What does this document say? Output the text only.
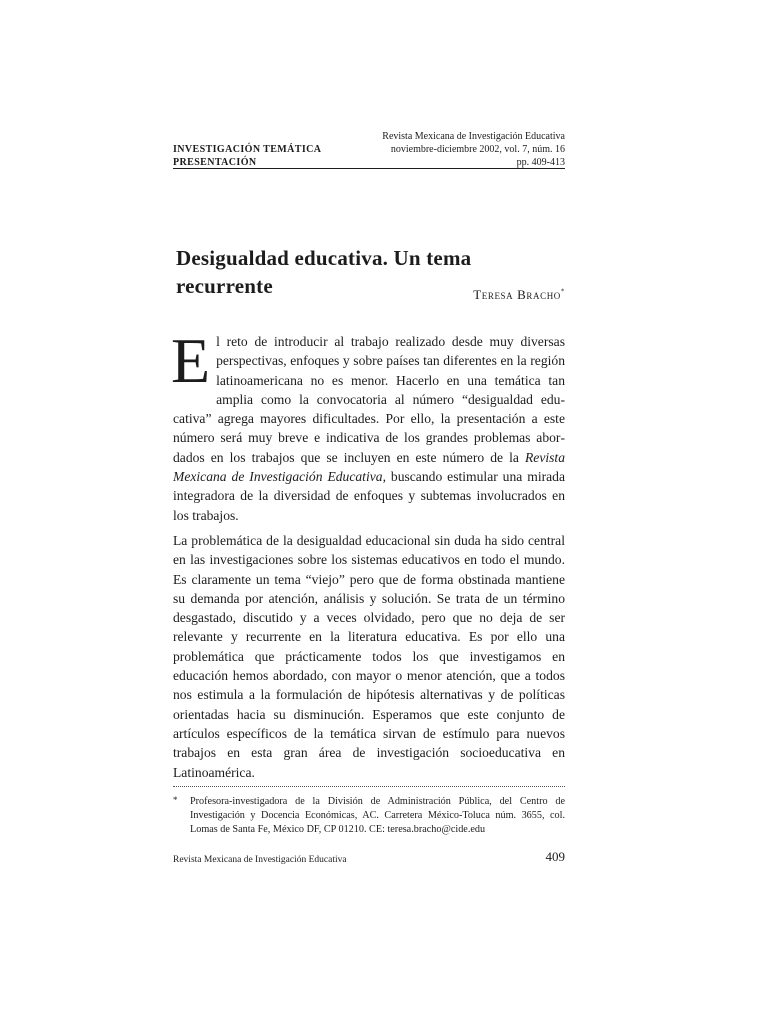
INVESTIGACIÓN TEMÁTICA
PRESENTACIÓN
Revista Mexicana de Investigación Educativa
noviembre-diciembre 2002, vol. 7, núm. 16
pp. 409-413
Desigualdad educativa. Un tema recurrente	Teresa Bracho*
El reto de introducir al trabajo realizado desde muy diversas perspectivas, enfoques y sobre países tan diferentes en la región latinoamericana no es menor. Hacerlo en una temática tan amplia como la convocatoria al número “desigualdad educativa” agrega mayores dificultades. Por ello, la presentación a este número será muy breve e indicativa de los grandes problemas abordados en los trabajos que se incluyen en este número de la Revista Mexicana de Investigación Educativa, buscando estimular una mirada integradora de la diversidad de enfoques y subtemas involucrados en los trabajos.
La problemática de la desigualdad educacional sin duda ha sido central en las investigaciones sobre los sistemas educativos en todo el mundo. Es claramente un tema “viejo” pero que de forma obstinada mantiene su demanda por atención, análisis y solución. Se trata de un término desgastado, discutido y a veces olvidado, pero que no deja de ser relevante y recurrente en la literatura educativa. Es por ello una problemática que prácticamente todos los que investigamos en educación hemos abordado, con mayor o menor atención, que a todos nos estimula a la formulación de hipótesis alternativas y de políticas orientadas hacia su disminución. Esperamos que este conjunto de artículos específicos de la temática sirvan de estímulo para nuevos trabajos en esta gran área de investigación socioeducativa en Latinoamérica.
* Profesora-investigadora de la División de Administración Pública, del Centro de Investigación y Docencia Económicas, AC. Carretera México-Toluca núm. 3655, col. Lomas de Santa Fe, México DF, CP 01210. CE: teresa.bracho@cide.edu
Revista Mexicana de Investigación Educativa	409
